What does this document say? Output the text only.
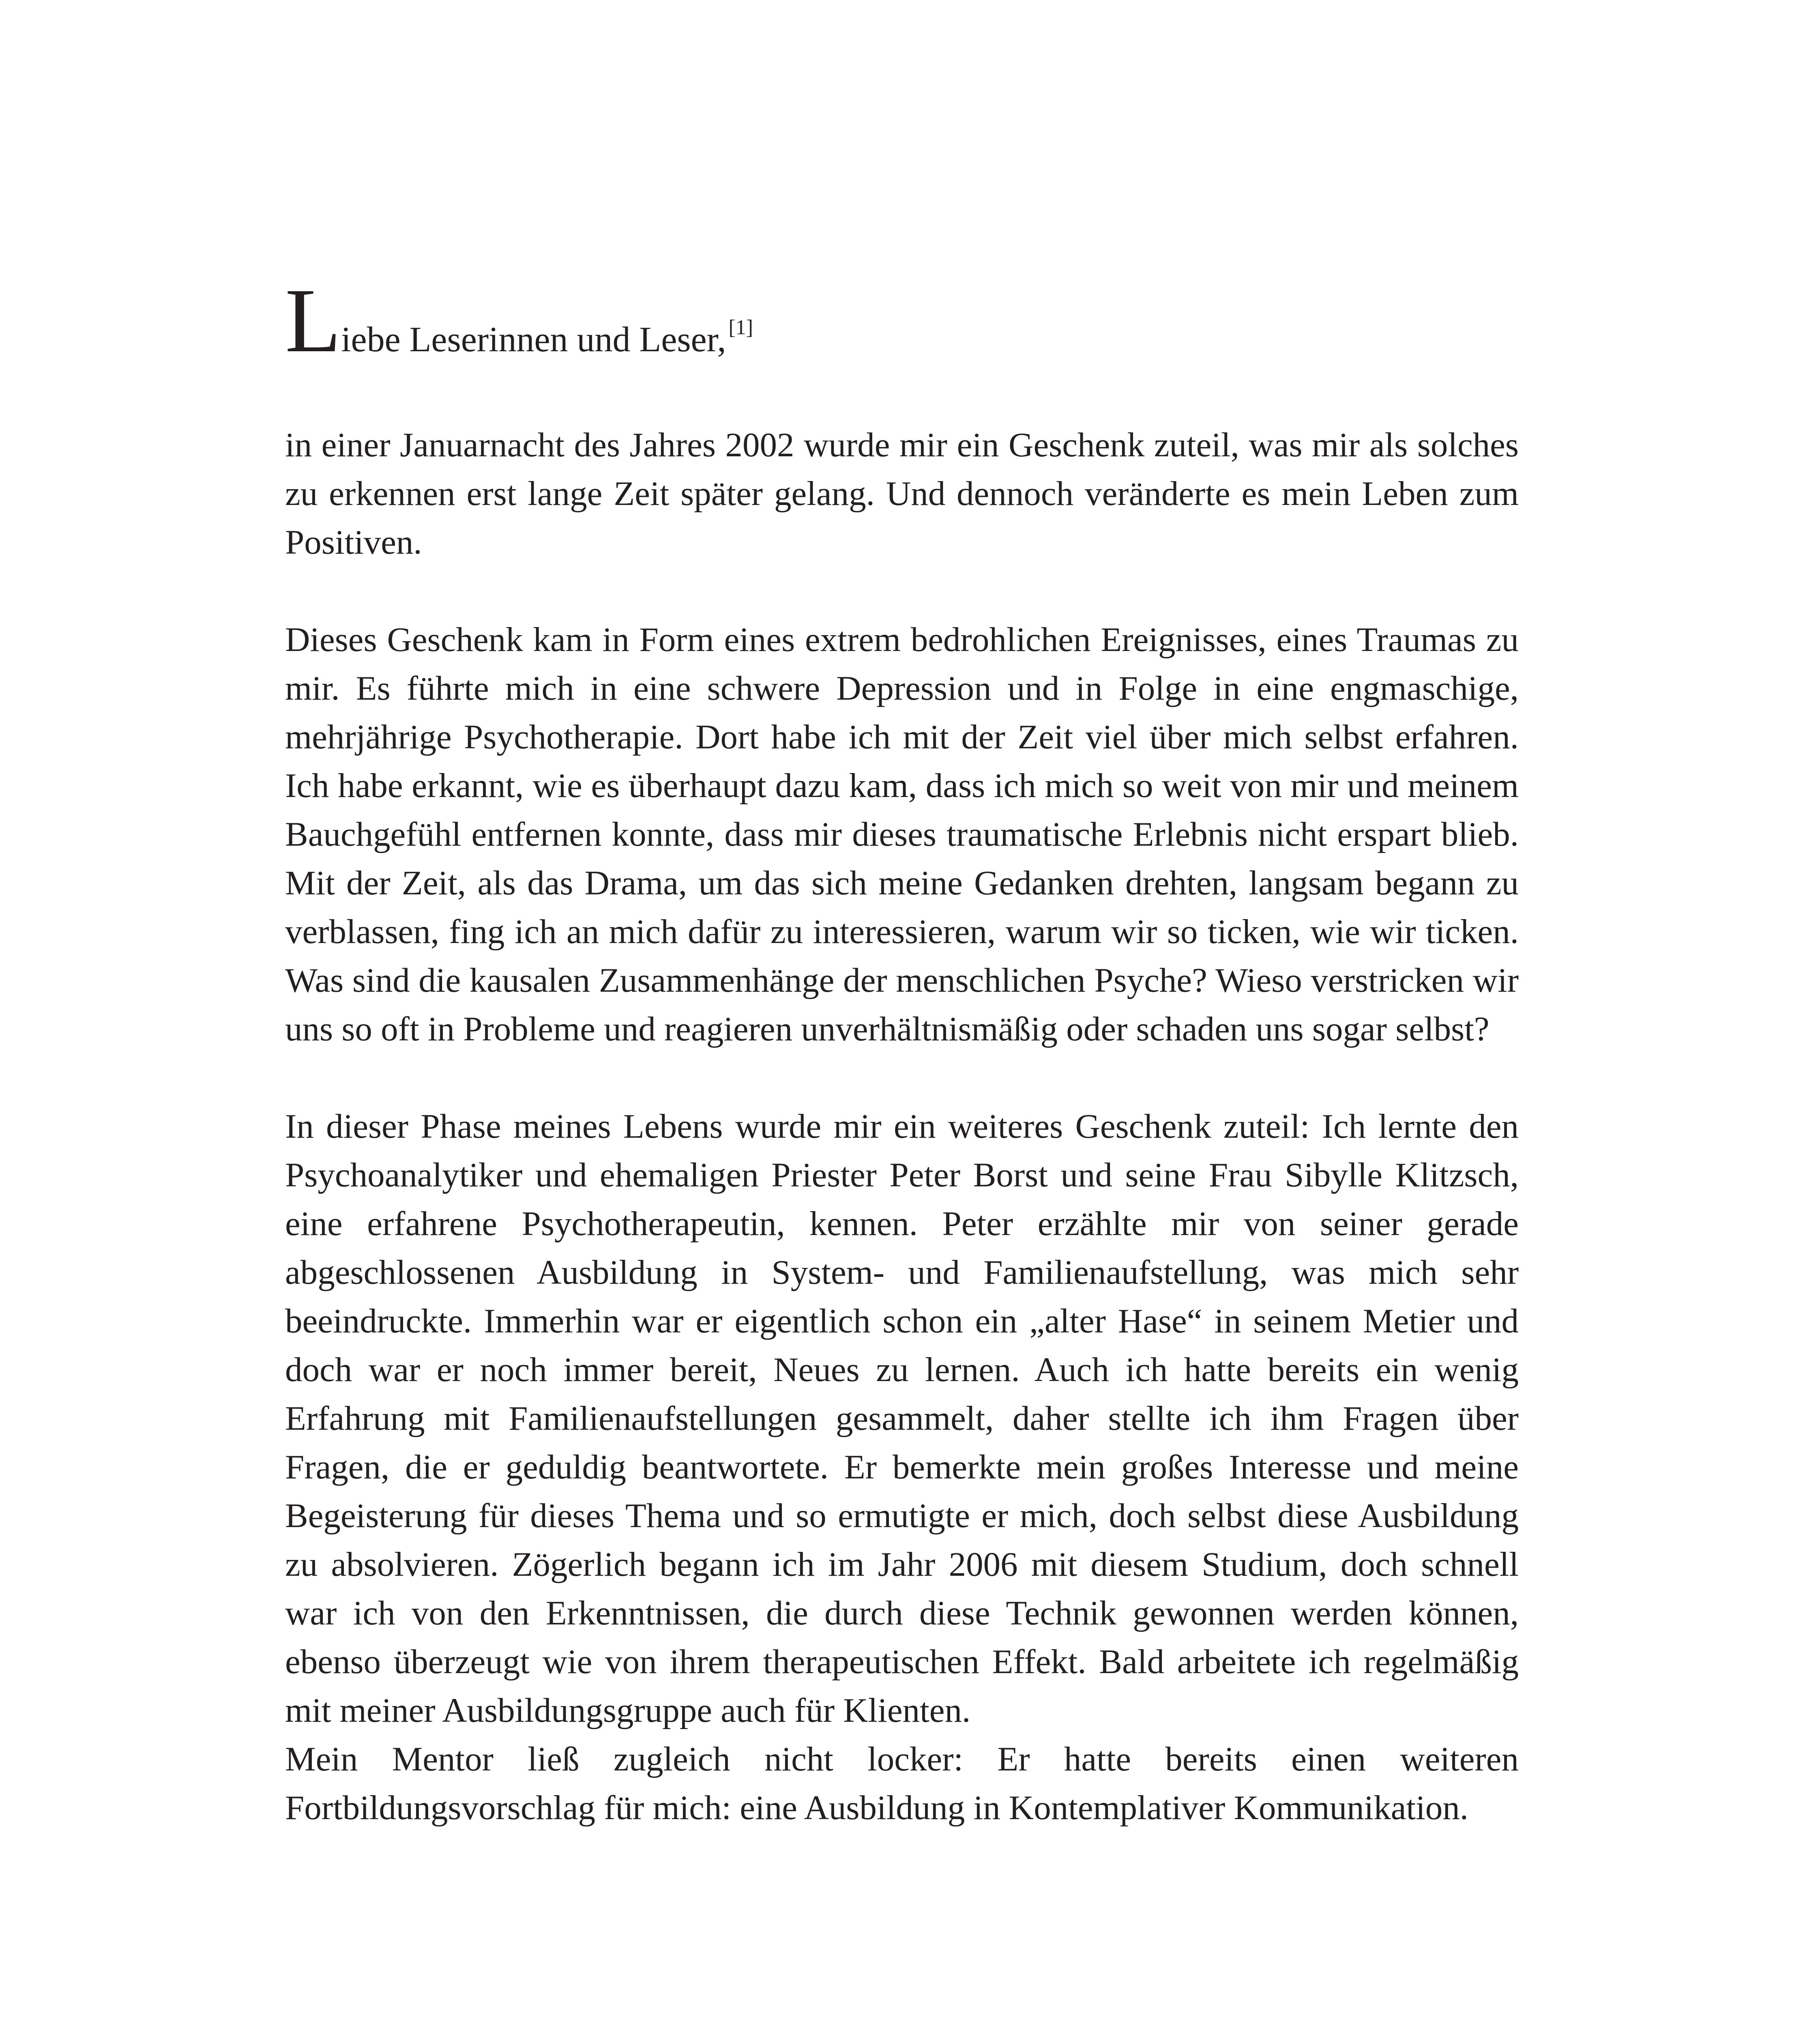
Liebe Leserinnen und Leser, [1]

in einer Januarnacht des Jahres 2002 wurde mir ein Geschenk zuteil, was mir als solches zu erkennen erst lange Zeit später gelang. Und dennoch veränderte es mein Leben zum Positiven.

Dieses Geschenk kam in Form eines extrem bedrohlichen Ereignisses, eines Traumas zu mir. Es führte mich in eine schwere Depression und in Folge in eine engmaschige, mehrjährige Psychotherapie. Dort habe ich mit der Zeit viel über mich selbst erfahren. Ich habe erkannt, wie es überhaupt dazu kam, dass ich mich so weit von mir und meinem Bauchgefühl entfernen konnte, dass mir dieses traumatische Erlebnis nicht erspart blieb. Mit der Zeit, als das Drama, um das sich meine Gedanken drehten, langsam begann zu verblassen, fing ich an mich dafür zu interessieren, warum wir so ticken, wie wir ticken. Was sind die kausalen Zusammenhänge der menschlichen Psyche? Wieso verstricken wir uns so oft in Probleme und reagieren unverhältnismäßig oder schaden uns sogar selbst?

In dieser Phase meines Lebens wurde mir ein weiteres Geschenk zuteil: Ich lernte den Psychoanalytiker und ehemaligen Priester Peter Borst und seine Frau Sibylle Klitzsch, eine erfahrene Psychotherapeutin, kennen. Peter erzählte mir von seiner gerade abgeschlossenen Ausbildung in System- und Familienaufstellung, was mich sehr beeindruckte. Immerhin war er eigentlich schon ein „alter Hase“ in seinem Metier und doch war er noch immer bereit, Neues zu lernen. Auch ich hatte bereits ein wenig Erfahrung mit Familienaufstellungen gesammelt, daher stellte ich ihm Fragen über Fragen, die er geduldig beantwortete. Er bemerkte mein großes Interesse und meine Begeisterung für dieses Thema und so ermutigte er mich, doch selbst diese Ausbildung zu absolvieren. Zögerlich begann ich im Jahr 2006 mit diesem Studium, doch schnell war ich von den Erkenntnissen, die durch diese Technik gewonnen werden können, ebenso überzeugt wie von ihrem therapeutischen Effekt. Bald arbeitete ich regelmäßig mit meiner Ausbildungsgruppe auch für Klienten.

Mein Mentor ließ zugleich nicht locker: Er hatte bereits einen weiteren Fortbildungsvorschlag für mich: eine Ausbildung in Kontemplativer Kommunikation.
